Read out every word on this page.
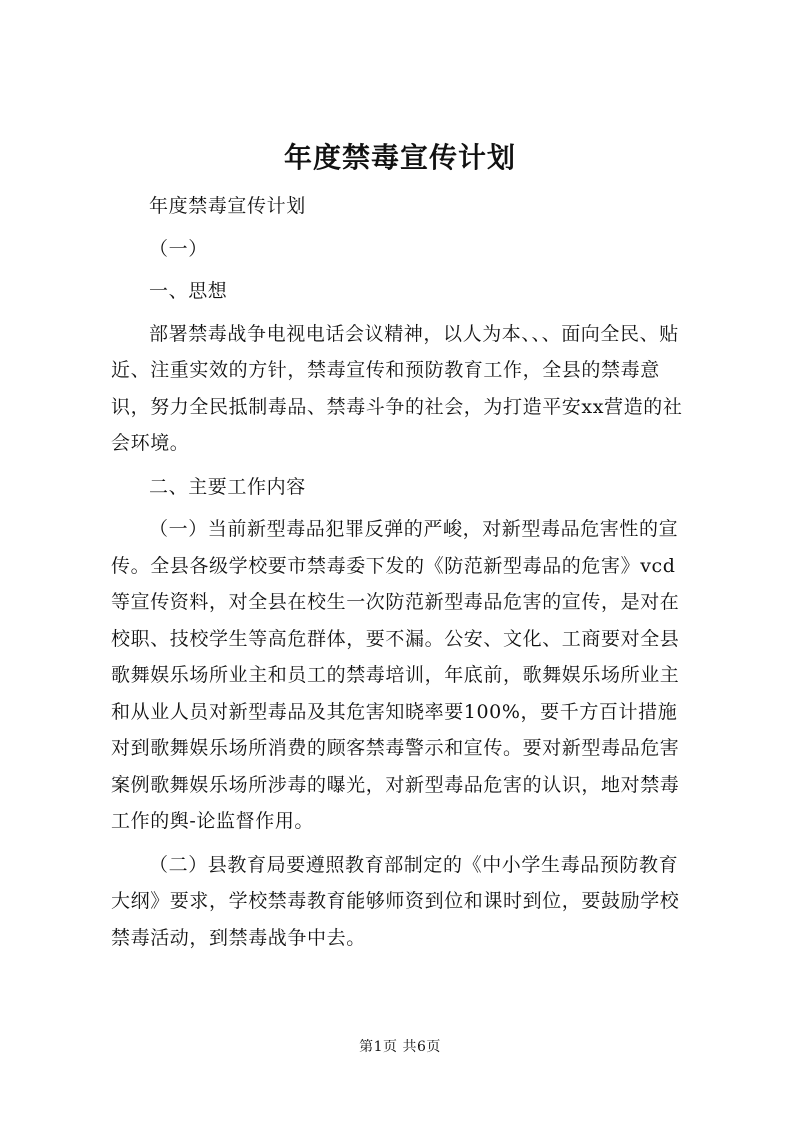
年度禁毒宣传计划

年度禁毒宣传计划

（一）

一、思想

部署禁毒战争电视电话会议精神，以人为本、、、面向全民、贴近、注重实效的方针，禁毒宣传和预防教育工作，全县的禁毒意识，努力全民抵制毒品、禁毒斗争的社会，为打造平安xx营造的社会环境。

二、主要工作内容

（一）当前新型毒品犯罪反弹的严峻，对新型毒品危害性的宣传。全县各级学校要市禁毒委下发的《防范新型毒品的危害》vcd等宣传资料，对全县在校生一次防范新型毒品危害的宣传，是对在校职、技校学生等高危群体，要不漏。公安、文化、工商要对全县歌舞娱乐场所业主和员工的禁毒培训，年底前，歌舞娱乐场所业主和从业人员对新型毒品及其危害知晓率要100%，要千方百计措施对到歌舞娱乐场所消费的顾客禁毒警示和宣传。要对新型毒品危害案例歌舞娱乐场所涉毒的曝光，对新型毒品危害的认识，地对禁毒工作的舆-论监督作用。

（二）县教育局要遵照教育部制定的《中小学生毒品预防教育大纲》要求，学校禁毒教育能够师资到位和课时到位，要鼓励学校禁毒活动，到禁毒战争中去。

第1页 共6页
